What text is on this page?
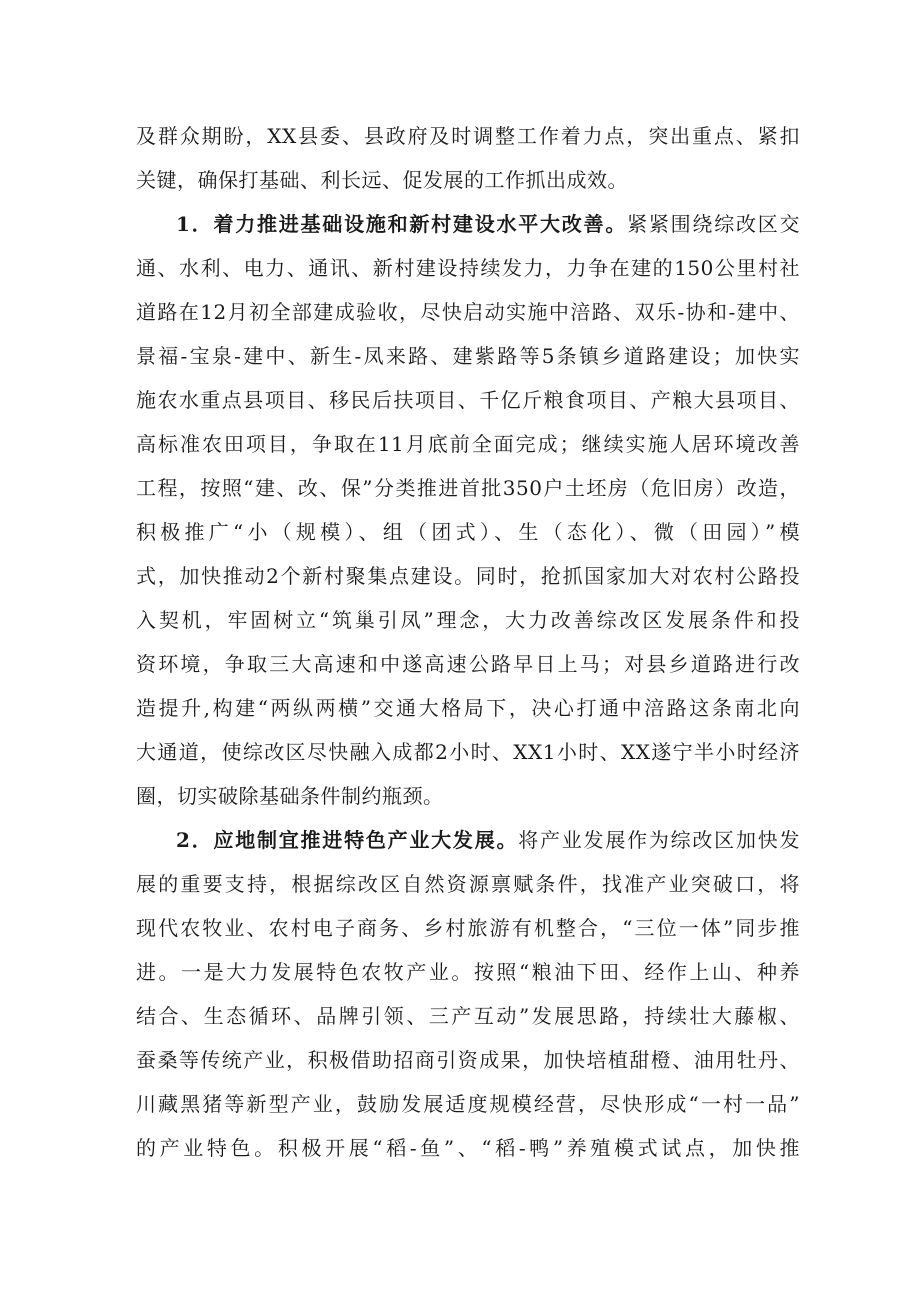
及群众期盼，XX县委、县政府及时调整工作着力点，突出重点、紧扣
关键，确保打基础、利长远、促发展的工作抓出成效。
1．着力推进基础设施和新村建设水平大改善。紧紧围绕综改区交
通、水利、电力、通讯、新村建设持续发力，力争在建的150公里村社
道路在12月初全部建成验收，尽快启动实施中涪路、双乐-协和-建中、
景福-宝泉-建中、新生-凤来路、建紫路等5条镇乡道路建设；加快实
施农水重点县项目、移民后扶项目、千亿斤粮食项目、产粮大县项目、
高标准农田项目，争取在11月底前全面完成；继续实施人居环境改善
工程，按照“建、改、保”分类推进首批350户土坯房（危旧房）改造，
积极推广“小（规模）、组（团式）、生（态化）、微（田园）”模
式，加快推动2个新村聚集点建设。同时，抢抓国家加大对农村公路投
入契机，牢固树立“筑巢引凤”理念，大力改善综改区发展条件和投
资环境，争取三大高速和中遂高速公路早日上马；对县乡道路进行改
造提升,构建“两纵两横”交通大格局下，决心打通中涪路这条南北向
大通道，使综改区尽快融入成都2小时、XX1小时、XX遂宁半小时经济
圈，切实破除基础条件制约瓶颈。
2．应地制宜推进特色产业大发展。将产业发展作为综改区加快发
展的重要支持，根据综改区自然资源禀赋条件，找准产业突破口，将
现代农牧业、农村电子商务、乡村旅游有机整合，“三位一体”同步推
进。一是大力发展特色农牧产业。按照“粮油下田、经作上山、种养
结合、生态循环、品牌引领、三产互动”发展思路，持续壮大藤椒、
蚕桑等传统产业，积极借助招商引资成果，加快培植甜橙、油用牡丹、
川藏黑猪等新型产业，鼓励发展适度规模经营，尽快形成“一村一品”
的产业特色。积极开展“稻-鱼”、“稻-鸭”养殖模式试点，加快推
